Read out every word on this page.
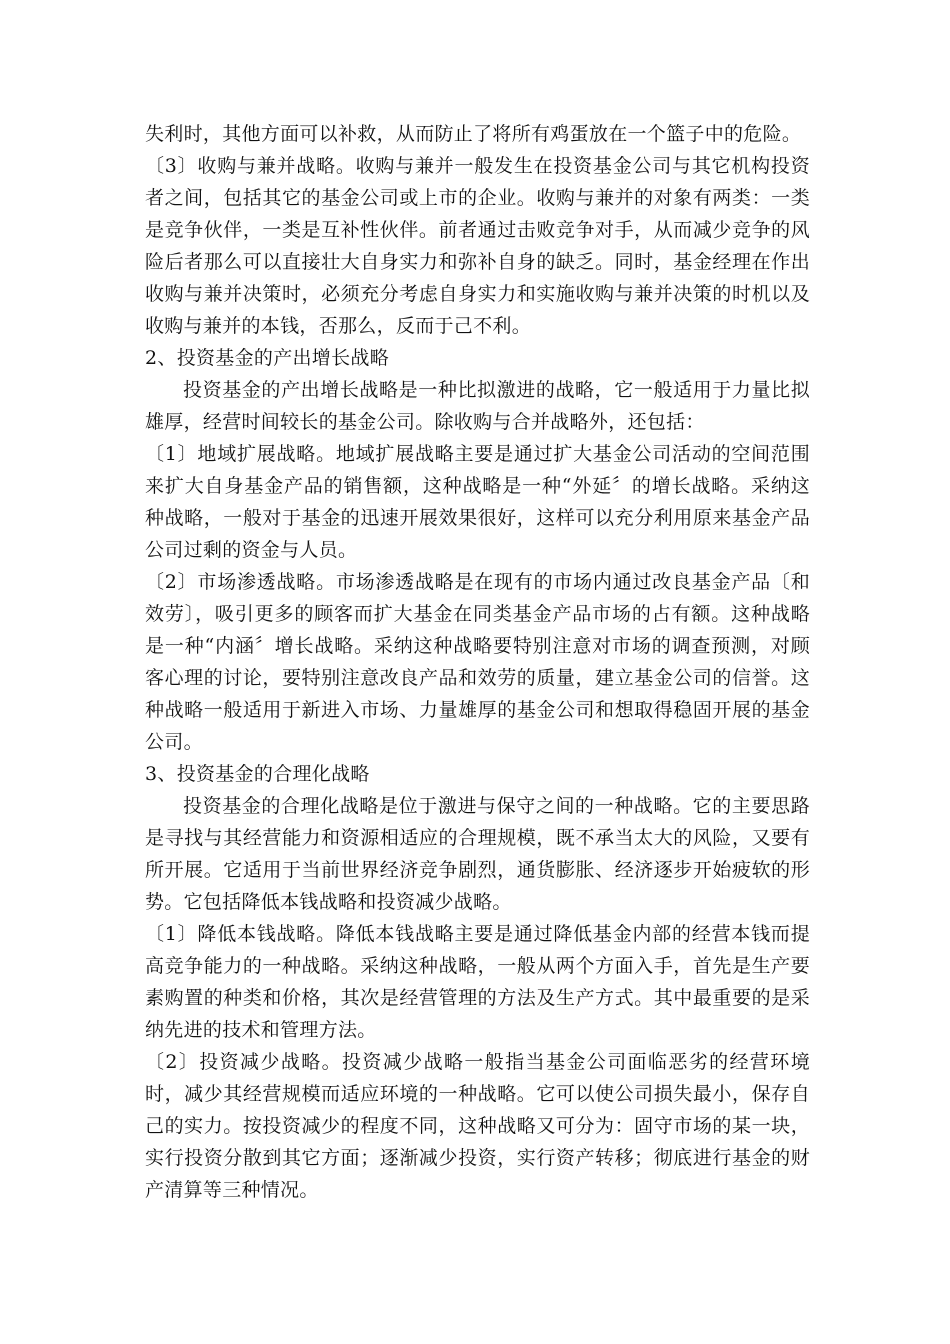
失利时，其他方面可以补救，从而防止了将所有鸡蛋放在一个篮子中的危险。

〔3〕收购与兼并战略。收购与兼并一般发生在投资基金公司与其它机构投资者之间，包括其它的基金公司或上市的企业。收购与兼并的对象有两类：一类是竞争伙伴，一类是互补性伙伴。前者通过击败竞争对手，从而减少竞争的风险后者那么可以直接壮大自身实力和弥补自身的缺乏。同时，基金经理在作出收购与兼并决策时，必须充分考虑自身实力和实施收购与兼并决策的时机以及收购与兼并的本钱，否那么，反而于己不利。

2、投资基金的产出增长战略

投资基金的产出增长战略是一种比拟激进的战略，它一般适用于力量比拟雄厚，经营时间较长的基金公司。除收购与合并战略外，还包括：

〔1〕地域扩展战略。地域扩展战略主要是通过扩大基金公司活动的空间范围来扩大自身基金产品的销售额，这种战略是一种“外延〞的增长战略。采纳这种战略，一般对于基金的迅速开展效果很好，这样可以充分利用原来基金产品公司过剩的资金与人员。

〔2〕市场渗透战略。市场渗透战略是在现有的市场内通过改良基金产品〔和效劳〕，吸引更多的顾客而扩大基金在同类基金产品市场的占有额。这种战略是一种“内涵〞增长战略。采纳这种战略要特别注意对市场的调查预测，对顾客心理的讨论，要特别注意改良产品和效劳的质量，建立基金公司的信誉。这种战略一般适用于新进入市场、力量雄厚的基金公司和想取得稳固开展的基金公司。

3、投资基金的合理化战略

投资基金的合理化战略是位于激进与保守之间的一种战略。它的主要思路是寻找与其经营能力和资源相适应的合理规模，既不承当太大的风险，又要有所开展。它适用于当前世界经济竞争剧烈，通货膨胀、经济逐步开始疲软的形势。它包括降低本钱战略和投资减少战略。

〔1〕降低本钱战略。降低本钱战略主要是通过降低基金内部的经营本钱而提高竞争能力的一种战略。采纳这种战略，一般从两个方面入手，首先是生产要素购置的种类和价格，其次是经营管理的方法及生产方式。其中最重要的是采纳先进的技术和管理方法。

〔2〕投资减少战略。投资减少战略一般指当基金公司面临恶劣的经营环境时，减少其经营规模而适应环境的一种战略。它可以使公司损失最小，保存自己的实力。按投资减少的程度不同，这种战略又可分为：固守市场的某一块，实行投资分散到其它方面；逐渐减少投资，实行资产转移；彻底进行基金的财产清算等三种情况。
